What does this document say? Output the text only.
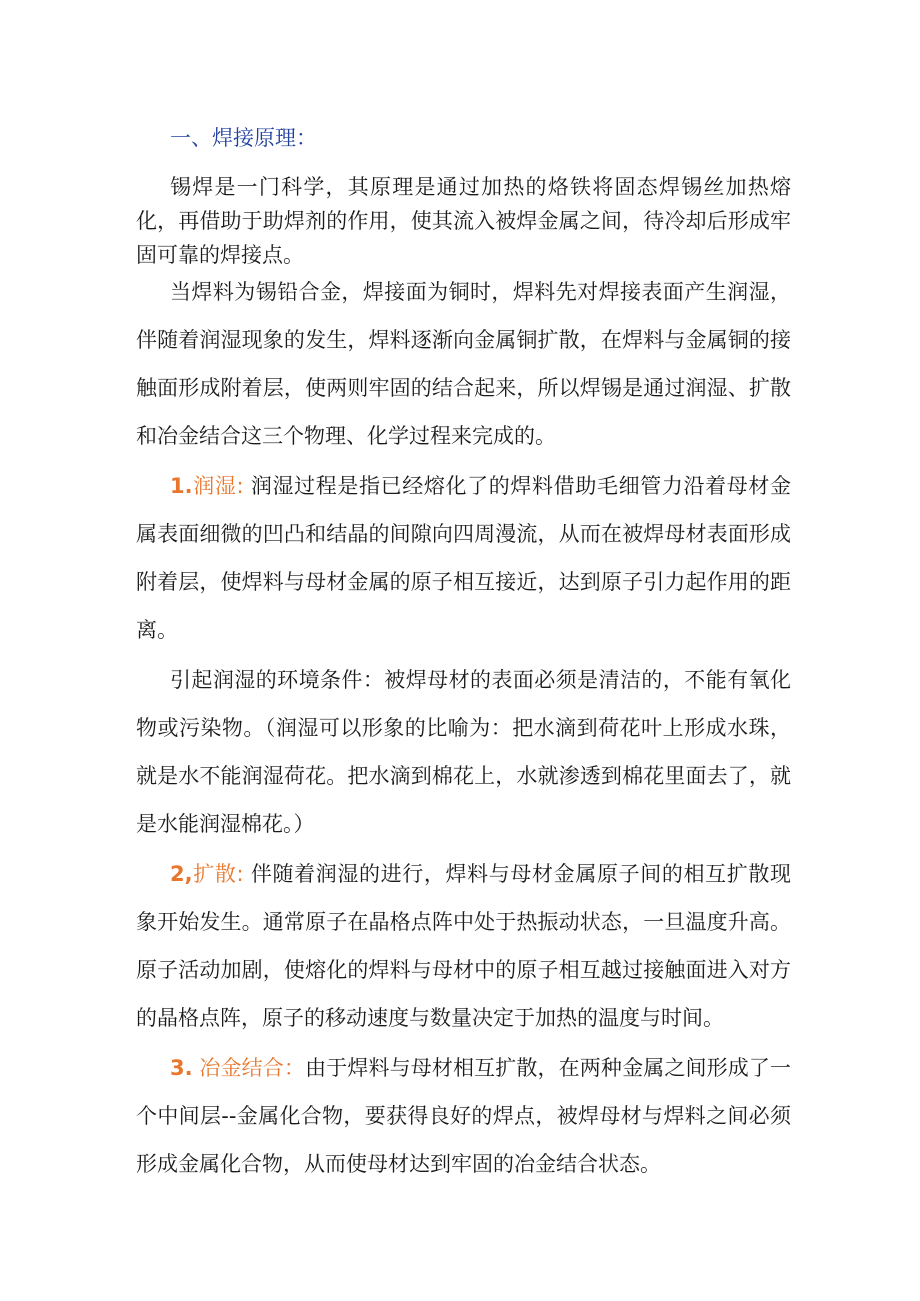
一、焊接原理：

锡焊是一门科学，其原理是通过加热的烙铁将固态焊锡丝加热熔化，再借助于助焊剂的作用，使其流入被焊金属之间，待冷却后形成牢固可靠的焊接点。

当焊料为锡铅合金，焊接面为铜时，焊料先对焊接表面产生润湿，伴随着润湿现象的发生，焊料逐渐向金属铜扩散，在焊料与金属铜的接触面形成附着层，使两则牢固的结合起来，所以焊锡是通过润湿、扩散和冶金结合这三个物理、化学过程来完成的。

1.润湿: 润湿过程是指已经熔化了的焊料借助毛细管力沿着母材金属表面细微的凹凸和结晶的间隙向四周漫流，从而在被焊母材表面形成附着层，使焊料与母材金属的原子相互接近，达到原子引力起作用的距离。

引起润湿的环境条件：被焊母材的表面必须是清洁的，不能有氧化物或污染物。（润湿可以形象的比喻为：把水滴到荷花叶上形成水珠，就是水不能润湿荷花。把水滴到棉花上，水就渗透到棉花里面去了，就是水能润湿棉花。）

2,扩散: 伴随着润湿的进行，焊料与母材金属原子间的相互扩散现象开始发生。通常原子在晶格点阵中处于热振动状态，一旦温度升高。原子活动加剧，使熔化的焊料与母材中的原子相互越过接触面进入对方的晶格点阵，原子的移动速度与数量决定于加热的温度与时间。

3. 冶金结合：由于焊料与母材相互扩散，在两种金属之间形成了一个中间层--金属化合物，要获得良好的焊点，被焊母材与焊料之间必须形成金属化合物，从而使母材达到牢固的冶金结合状态。
